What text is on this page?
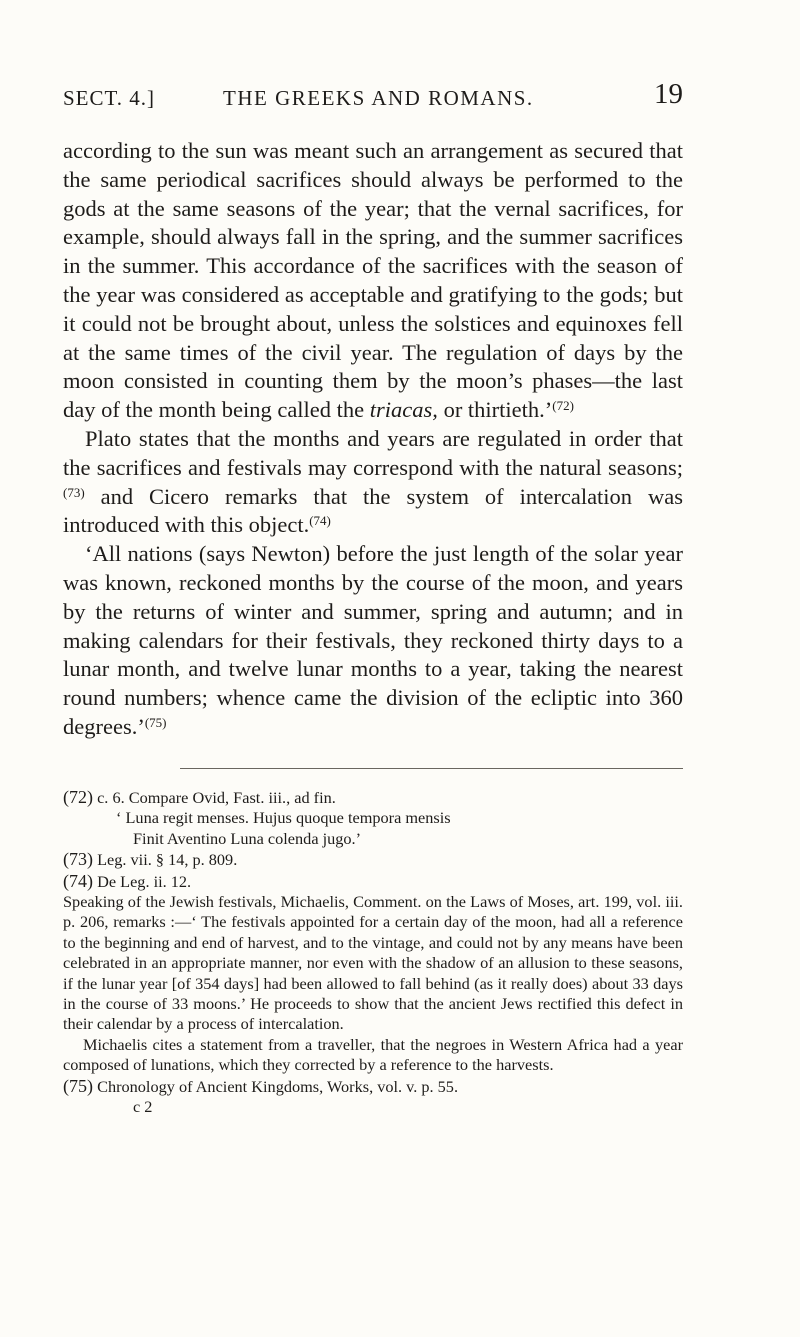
SECT. 4.]	THE GREEKS AND ROMANS.	19

according to the sun was meant such an arrangement as secured that the same periodical sacrifices should always be performed to the gods at the same seasons of the year; that the vernal sacrifices, for example, should always fall in the spring, and the summer sacrifices in the summer. This accordance of the sacrifices with the season of the year was considered as acceptable and gratifying to the gods; but it could not be brought about, unless the solstices and equinoxes fell at the same times of the civil year. The regulation of days by the moon consisted in counting them by the moon’s phases—the last day of the month being called the triacas, or thirtieth.’$^{(72)}$

Plato states that the months and years are regulated in order that the sacrifices and festivals may correspond with the natural seasons;$^{(73)}$ and Cicero remarks that the system of intercalation was introduced with this object.$^{(74)}$

‘All nations (says Newton) before the just length of the solar year was known, reckoned months by the course of the moon, and years by the returns of winter and summer, spring and autumn; and in making calendars for their festivals, they reckoned thirty days to a lunar month, and twelve lunar months to a year, taking the nearest round numbers; whence came the division of the ecliptic into 360 degrees.’$^{(75)}$

(72) c. 6. Compare Ovid, Fast. iii., ad fin.

‘ Luna regit menses. Hujus quoque tempora mensis

Finit Aventino Luna colenda jugo.’

(73) Leg. vii. § 14, p. 809.

(74) De Leg. ii. 12.

Speaking of the Jewish festivals, Michaelis, Comment. on the Laws of Moses, art. 199, vol. iii. p. 206, remarks :—‘ The festivals appointed for a certain day of the moon, had all a reference to the beginning and end of harvest, and to the vintage, and could not by any means have been celebrated in an appropriate manner, nor even with the shadow of an allusion to these seasons, if the lunar year [of 354 days] had been allowed to fall behind (as it really does) about 33 days in the course of 33 moons.’ He proceeds to show that the ancient Jews rectified this defect in their calendar by a process of intercalation.

Michaelis cites a statement from a traveller, that the negroes in Western Africa had a year composed of lunations, which they corrected by a reference to the harvests.

(75) Chronology of Ancient Kingdoms, Works, vol. v. p. 55.

c 2
